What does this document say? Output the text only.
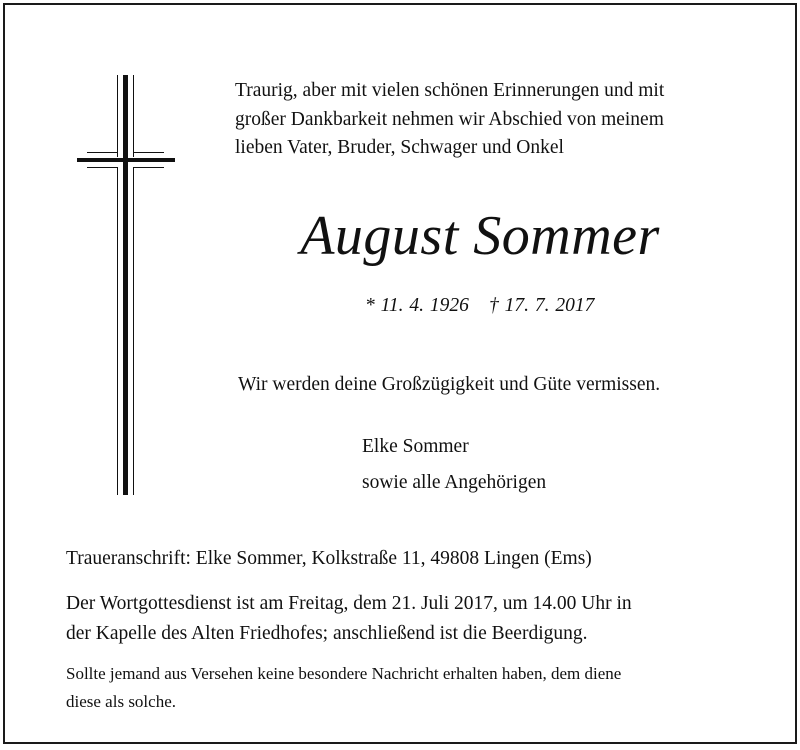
Traurig, aber mit vielen schönen Erinnerungen und mit
großer Dankbarkeit nehmen wir Abschied von meinem
lieben Vater, Bruder, Schwager und Onkel
August Sommer
* 11. 4. 1926 † 17. 7. 2017
Wir werden deine Großzügigkeit und Güte vermissen.
Elke Sommer
sowie alle Angehörigen
Traueranschrift: Elke Sommer, Kolkstraße 11, 49808 Lingen (Ems)
Der Wortgottesdienst ist am Freitag, dem 21. Juli 2017, um 14.00 Uhr in
der Kapelle des Alten Friedhofes; anschließend ist die Beerdigung.
Sollte jemand aus Versehen keine besondere Nachricht erhalten haben, dem diene
diese als solche.
